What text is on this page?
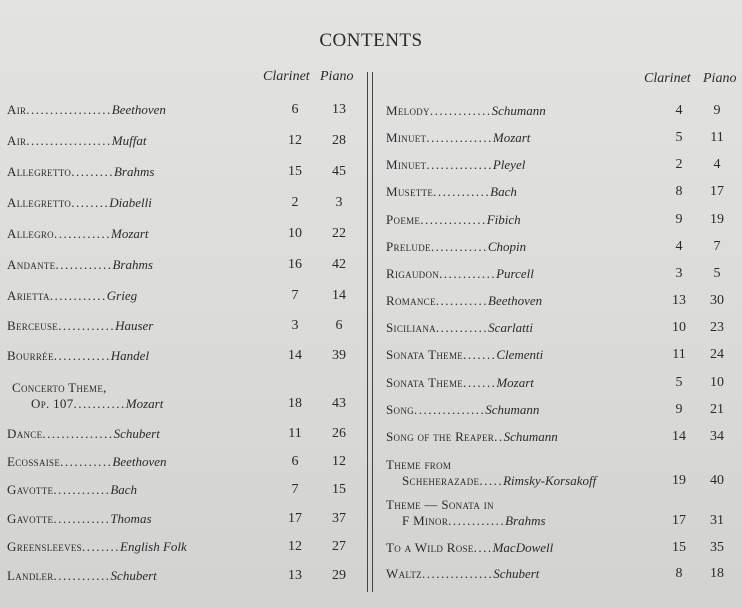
CONTENTS
Clarinet Piano	Clarinet Piano
Air..................Beethoven	6	13
Air..................Muffat	12	28
Allegretto.........Brahms	15	45
Allegretto........Diabelli	2	3
Allegro............Mozart	10	22
Andante............Brahms	16	42
Arietta............Grieg	7	14
Berceuse............Hauser	3	6
Bourrée............Handel	14	39
Concerto Theme,
Op. 107...........Mozart	18	43
Dance...............Schubert	11	26
Ecossaise...........Beethoven	6	12
Gavotte............Bach	7	15
Gavotte............Thomas	17	37
Greensleeves........English Folk	12	27
Landler............Schubert	13	29
Melody.............Schumann	4	9
Minuet..............Mozart	5	11
Minuet..............Pleyel	2	4
Musette............Bach	8	17
Poeme..............Fibich	9	19
Prelude............Chopin	4	7
Rigaudon............Purcell	3	5
Romance...........Beethoven	13	30
Siciliana...........Scarlatti	10	23
Sonata Theme.......Clementi	11	24
Sonata Theme.......Mozart	5	10
Song...............Schumann	9	21
Song of the Reaper..Schumann	14	34
Theme from
Scheherazade.....Rimsky-Korsakoff	19	40
Theme — Sonata in
F Minor............Brahms	17	31
To a Wild Rose....MacDowell	15	35
Waltz...............Schubert	8	18
